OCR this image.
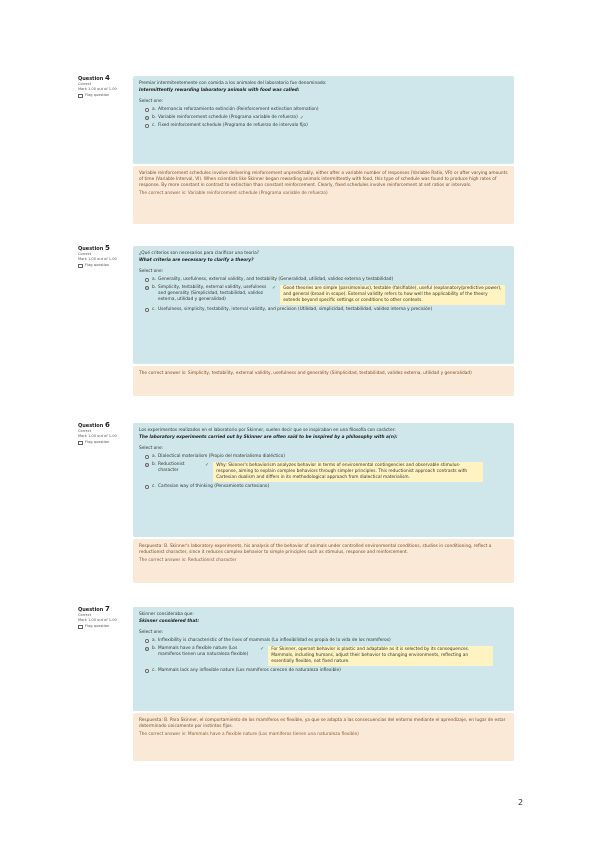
Question 4
Correct
Mark 1.00 out of 1.00
Flag question
Premiar intermitentemente con comida a los animales del laboratorio fue denominado:
Intermittently rewarding laboratory animals with food was called:
Select one:
a. Alternancia reforzamiento extinción (Reinforcement extinction alternation)
b. Variable reinforcement schedule (Programa variable de refuerzo) ✓
c. Fixed reinforcement schedule (Programa de refuerzo de intervalo fijo)
Variable reinforcement schedules involve delivering reinforcement unpredictably, either after a variable number of responses (Variable Ratio, VR) or after varying amounts of time (Variable Interval, VI). When scientists like Skinner began rewarding animals intermittently with food, this type of schedule was found to produce high rates of response. By more constant in contrast to extinction than constant reinforcement. Clearly, fixed schedules involve reinforcement at set ratios or intervals.
The correct answer is: Variable reinforcement schedule (Programa variable de refuerzo)
Question 5
Correct
Mark 1.00 out of 1.00
Flag question
¿Qué criterios son necesarios para clarificar una teoría?
What criteria are necessary to clarify a theory?
Select one:
a. Generality, usefulness, external validity, and testability (Generalidad, utilidad, validez externa y testabilidad)
b. Simplicity, testability, external validity, usefulness and generality (Simplicidad, testabilidad, validez externa, utilidad y generalidad)
✓	Good theories are simple (parsimonious), testable (falsifiable), useful (explanatory/predictive power), and general (broad in scope). External validity refers to how well the applicability of the theory extends beyond specific settings or conditions to other contexts.
c. Usefulness, simplicity, testability, internal validity, and precision (Utilidad, simplicidad, testabilidad, validez interna y precisión)
The correct answer is: Simplicity, testability, external validity, usefulness and generality (Simplicidad, testabilidad, validez externa, utilidad y generalidad)
Question 6
Correct
Mark 1.00 out of 1.00
Flag question
Los experimentos realizados en el laboratorio por Skinner, suelen decir que se inspiraban en una filosofía con carácter:
The laboratory experiments carried out by Skinner are often said to be inspired by a philosophy with a(n):
Select one:
a. Dialectical materialism (Propio del materialismo dialéctico)
b. Reductionist character
✓	Why: Skinner's behaviorism analyzes behavior in terms of environmental contingencies and observable stimulus-response, aiming to explain complex behaviors through simpler principles. This reductionist approach contrasts with Cartesian dualism and differs in its methodological approach from dialectical materialism.
c. Cartesian way of thinking (Pensamiento cartesiano)
Respuesta: B. Skinner's laboratory experiments, his analysis of the behavior of animals under controlled environmental conditions, studies in conditioning, reflect a reductionist character, since it reduces complex behavior to simple principles such as stimulus, response and reinforcement.
The correct answer is: Reductionist character
Question 7
Correct
Mark 1.00 out of 1.00
Flag question
Skinner consideraba que:
Skinner considered that:
Select one:
a. Inflexibility is characteristic of the lives of mammals (La inflexibilidad es propia de la vida de los mamíferos)
b. Mammals have a flexible nature (Los mamíferos tienen una naturaleza flexible)
✓	For Skinner, operant behavior is plastic and adaptable as it is selected by its consequences. Mammals, including humans, adjust their behavior to changing environments, reflecting an essentially flexible, not fixed nature.
c. Mammals lack any inflexible nature (Los mamíferos carecen de naturaleza inflexible)
Respuesta: B. Para Skinner, el comportamiento de los mamíferos es flexible, ya que se adapta a las consecuencias del entorno mediante el aprendizaje, en lugar de estar determinado únicamente por instintos fijos.
The correct answer is: Mammals have a flexible nature (Los mamíferos tienen una naturaleza flexible)
2
